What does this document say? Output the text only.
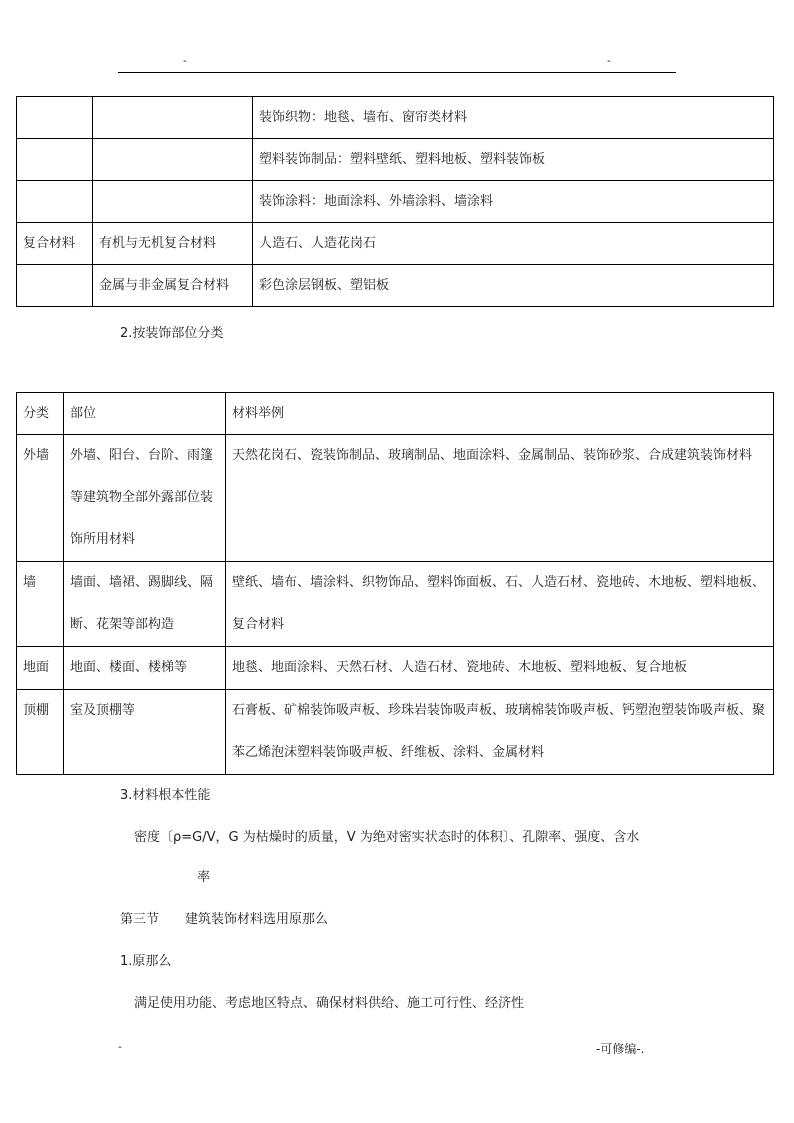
-	-
		装饰织物：地毯、墙布、窗帘类材料
		塑料装饰制品：塑料壁纸、塑料地板、塑料装饰板
		装饰涂料：地面涂料、外墙涂料、墙涂料
复合材料	有机与无机复合材料	人造石、人造花岗石
	金属与非金属复合材料	彩色涂层钢板、塑铝板

2.按装饰部位分类

分类	部位	材料举例
外墙	外墙、阳台、台阶、雨篷等建筑物全部外露部位装饰所用材料	天然花岗石、瓷装饰制品、玻璃制品、地面涂料、金属制品、装饰砂浆、合成建筑装饰材料
墙	墙面、墙裙、踢脚线、隔断、花架等部构造	壁纸、墙布、墙涂料、织物饰品、塑料饰面板、石、人造石材、瓷地砖、木地板、塑料地板、复合材料
地面	地面、楼面、楼梯等	地毯、地面涂料、天然石材、人造石材、瓷地砖、木地板、塑料地板、复合地板
顶棚	室及顶棚等	石膏板、矿棉装饰吸声板、珍珠岩装饰吸声板、玻璃棉装饰吸声板、钙塑泡塑装饰吸声板、聚苯乙烯泡沫塑料装饰吸声板、纤维板、涂料、金属材料

3.材料根本性能

密度〔ρ=G/V，G 为枯燥时的质量，V 为绝对密实状态时的体积〕、孔隙率、强度、含水

率

第三节　　建筑装饰材料选用原那么

1.原那么

满足使用功能、考虑地区特点、确保材料供给、施工可行性、经济性

-	-可修编-.
